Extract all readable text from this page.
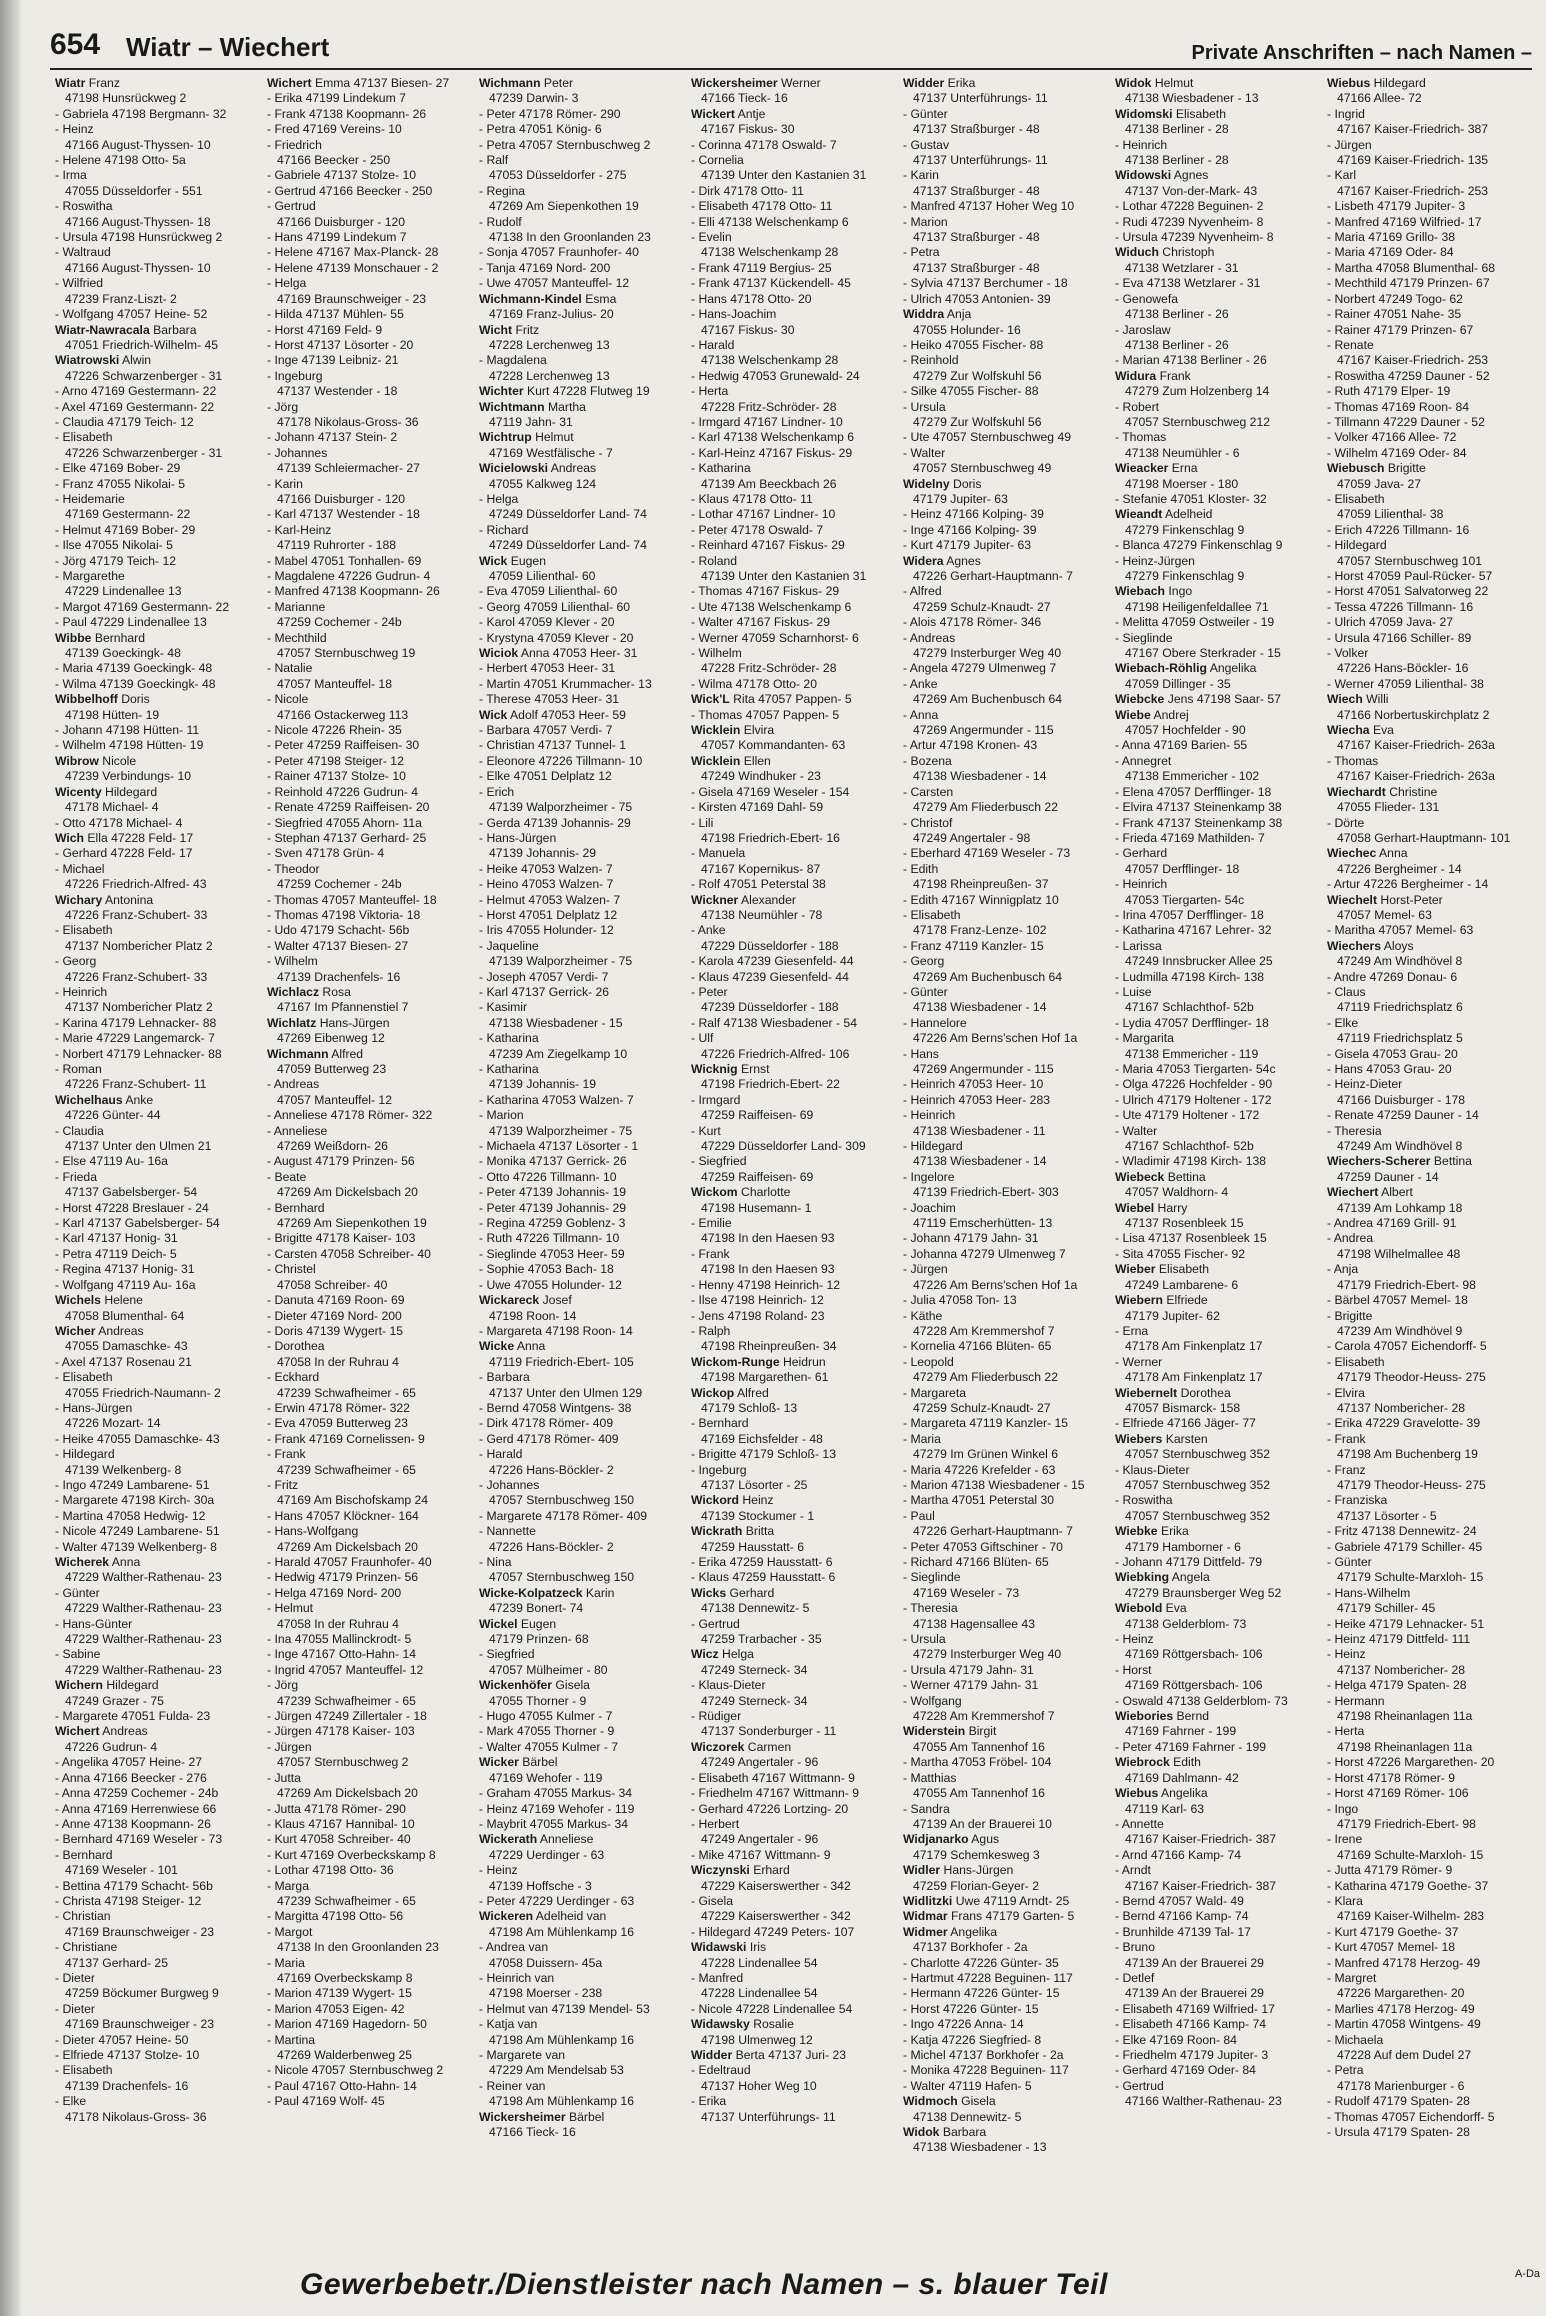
654 Wiatr – Wiechert	Private Anschriften – nach Namen –
Wiatr Franz
47198 Hunsrückweg 2
- Gabriela 47198 Bergmann- 32
- Heinz
47166 August-Thyssen- 10
- Helene 47198 Otto- 5a
- Irma
47055 Düsseldorfer - 551
- Roswitha
47166 August-Thyssen- 18
- Ursula 47198 Hunsrückweg 2
- Waltraud
47166 August-Thyssen- 10
- Wilfried
47239 Franz-Liszt- 2
- Wolfgang 47057 Heine- 52
Wiatr-Nawracala Barbara
47051 Friedrich-Wilhelm- 45
Wiatrowski Alwin
47226 Schwarzenberger - 31
- Arno 47169 Gestermann- 22
- Axel 47169 Gestermann- 22
- Claudia 47179 Teich- 12
- Elisabeth
47226 Schwarzenberger - 31
- Elke 47169 Bober- 29
- Franz 47055 Nikolai- 5
- Heidemarie
47169 Gestermann- 22
- Helmut 47169 Bober- 29
- Ilse 47055 Nikolai- 5
- Jörg 47179 Teich- 12
- Margarethe
47229 Lindenallee 13
- Margot 47169 Gestermann- 22
- Paul 47229 Lindenallee 13
Wibbe Bernhard
47139 Goeckingk- 48
- Maria 47139 Goeckingk- 48
- Wilma 47139 Goeckingk- 48
Wibbelhoff Doris
47198 Hütten- 19
- Johann 47198 Hütten- 11
- Wilhelm 47198 Hütten- 19
Wibrow Nicole
47239 Verbindungs- 10
Wicenty Hildegard
47178 Michael- 4
- Otto 47178 Michael- 4
Wich Ella 47228 Feld- 17
- Gerhard 47228 Feld- 17
- Michael
47226 Friedrich-Alfred- 43
Wichary Antonina
47226 Franz-Schubert- 33
- Elisabeth
47137 Nombericher Platz 2
- Georg
47226 Franz-Schubert- 33
- Heinrich
47137 Nombericher Platz 2
- Karina 47179 Lehnacker- 88
- Marie 47229 Langemarck- 7
- Norbert 47179 Lehnacker- 88
- Roman
47226 Franz-Schubert- 11
Wichelhaus Anke
47226 Günter- 44
- Claudia
47137 Unter den Ulmen 21
- Else 47119 Au- 16a
- Frieda
47137 Gabelsberger- 54
- Horst 47228 Breslauer - 24
- Karl 47137 Gabelsberger- 54
- Karl 47137 Honig- 31
- Petra 47119 Deich- 5
- Regina 47137 Honig- 31
- Wolfgang 47119 Au- 16a
Wichels Helene
47058 Blumenthal- 64
Wicher Andreas
47055 Damaschke- 43
- Axel 47137 Rosenau 21
- Elisabeth
47055 Friedrich-Naumann- 2
- Hans-Jürgen
47226 Mozart- 14
- Heike 47055 Damaschke- 43
- Hildegard
47139 Welkenberg- 8
- Ingo 47249 Lambarene- 51
- Margarete 47198 Kirch- 30a
- Martina 47058 Hedwig- 12
- Nicole 47249 Lambarene- 51
- Walter 47139 Welkenberg- 8
Wicherek Anna
47229 Walther-Rathenau- 23
- Günter
47229 Walther-Rathenau- 23
- Hans-Günter
47229 Walther-Rathenau- 23
- Sabine
47229 Walther-Rathenau- 23
Wichern Hildegard
47249 Grazer - 75
- Margarete 47051 Fulda- 23
Wichert Andreas
47226 Gudrun- 4
- Angelika 47057 Heine- 27
- Anna 47166 Beecker - 276
- Anna 47259 Cochemer - 24b
- Anna 47169 Herrenwiese 66
- Anne 47138 Koopmann- 26
- Bernhard 47169 Weseler - 73
- Bernhard
47169 Weseler - 101
- Bettina 47179 Schacht- 56b
- Christa 47198 Steiger- 12
- Christian
47169 Braunschweiger - 23
- Christiane
47137 Gerhard- 25
- Dieter
47259 Böckumer Burgweg 9
- Dieter
47169 Braunschweiger - 23
- Dieter 47057 Heine- 50
- Elfriede 47137 Stolze- 10
- Elisabeth
47139 Drachenfels- 16
- Elke
47178 Nikolaus-Gross- 36
Wichert Emma 47137 Biesen- 27
- Erika 47199 Lindekum 7
- Frank 47138 Koopmann- 26
- Fred 47169 Vereins- 10
- Friedrich
47166 Beecker - 250
- Gabriele 47137 Stolze- 10
- Gertrud 47166 Beecker - 250
- Gertrud
47166 Duisburger - 120
- Hans 47199 Lindekum 7
- Helene 47167 Max-Planck- 28
- Helene 47139 Monschauer - 2
- Helga
47169 Braunschweiger - 23
- Hilda 47137 Mühlen- 55
- Horst 47169 Feld- 9
- Horst 47137 Lösorter - 20
- Inge 47139 Leibniz- 21
- Ingeburg
47137 Westender - 18
- Jörg
47178 Nikolaus-Gross- 36
- Johann 47137 Stein- 2
- Johannes
47139 Schleiermacher- 27
- Karin
47166 Duisburger - 120
- Karl 47137 Westender - 18
- Karl-Heinz
47119 Ruhrorter - 188
- Mabel 47051 Tonhallen- 69
- Magdalene 47226 Gudrun- 4
- Manfred 47138 Koopmann- 26
- Marianne
47259 Cochemer - 24b
- Mechthild
47057 Sternbuschweg 19
- Natalie
47057 Manteuffel- 18
- Nicole
47166 Ostackerweg 113
- Nicole 47226 Rhein- 35
- Peter 47259 Raiffeisen- 30
- Peter 47198 Steiger- 12
- Rainer 47137 Stolze- 10
- Reinhold 47226 Gudrun- 4
- Renate 47259 Raiffeisen- 20
- Siegfried 47055 Ahorn- 11a
- Stephan 47137 Gerhard- 25
- Sven 47178 Grün- 4
- Theodor
47259 Cochemer - 24b
- Thomas 47057 Manteuffel- 18
- Thomas 47198 Viktoria- 18
- Udo 47179 Schacht- 56b
- Walter 47137 Biesen- 27
- Wilhelm
47139 Drachenfels- 16
Wichlacz Rosa
47167 Im Pfannenstiel 7
Wichlatz Hans-Jürgen
47269 Eibenweg 12
Wichmann Alfred
47059 Butterweg 23
- Andreas
47057 Manteuffel- 12
- Anneliese 47178 Römer- 322
- Anneliese
47269 Weißdorn- 26
- August 47179 Prinzen- 56
- Beate
47269 Am Dickelsbach 20
- Bernhard
47269 Am Siepenkothen 19
- Brigitte 47178 Kaiser- 103
- Carsten 47058 Schreiber- 40
- Christel
47058 Schreiber- 40
- Danuta 47169 Roon- 69
- Dieter 47169 Nord- 200
- Doris 47139 Wygert- 15
- Dorothea
47058 In der Ruhrau 4
- Eckhard
47239 Schwafheimer - 65
- Erwin 47178 Römer- 322
- Eva 47059 Butterweg 23
- Frank 47169 Cornelissen- 9
- Frank
47239 Schwafheimer - 65
- Fritz
47169 Am Bischofskamp 24
- Hans 47057 Klöckner- 164
- Hans-Wolfgang
47269 Am Dickelsbach 20
- Harald 47057 Fraunhofer- 40
- Hedwig 47179 Prinzen- 56
- Helga 47169 Nord- 200
- Helmut
47058 In der Ruhrau 4
- Ina 47055 Mallinckrodt- 5
- Inge 47167 Otto-Hahn- 14
- Ingrid 47057 Manteuffel- 12
- Jörg
47239 Schwafheimer - 65
- Jürgen 47249 Zillertaler - 18
- Jürgen 47178 Kaiser- 103
- Jürgen
47057 Sternbuschweg 2
- Jutta
47269 Am Dickelsbach 20
- Jutta 47178 Römer- 290
- Klaus 47167 Hannibal- 10
- Kurt 47058 Schreiber- 40
- Kurt 47169 Overbeckskamp 8
- Lothar 47198 Otto- 36
- Marga
47239 Schwafheimer - 65
- Margitta 47198 Otto- 56
- Margot
47138 In den Groonlanden 23
- Maria
47169 Overbeckskamp 8
- Marion 47139 Wygert- 15
- Marion 47053 Eigen- 42
- Marion 47169 Hagedorn- 50
- Martina
47269 Walderbenweg 25
- Nicole 47057 Sternbuschweg 2
- Paul 47167 Otto-Hahn- 14
- Paul 47169 Wolf- 45
Wichmann Peter
47239 Darwin- 3
- Peter 47178 Römer- 290
- Petra 47051 König- 6
- Petra 47057 Sternbuschweg 2
- Ralf
47053 Düsseldorfer - 275
- Regina
47269 Am Siepenkothen 19
- Rudolf
47138 In den Groonlanden 23
- Sonja 47057 Fraunhofer- 40
- Tanja 47169 Nord- 200
- Uwe 47057 Manteuffel- 12
Wichmann-Kindel Esma
47169 Franz-Julius- 20
Wicht Fritz
47228 Lerchenweg 13
- Magdalena
47228 Lerchenweg 13
Wichter Kurt 47228 Flutweg 19
Wichtmann Martha
47119 Jahn- 31
Wichtrup Helmut
47169 Westfälische - 7
Wicielowski Andreas
47055 Kalkweg 124
- Helga
47249 Düsseldorfer Land- 74
- Richard
47249 Düsseldorfer Land- 74
Wick Eugen
47059 Lilienthal- 60
- Eva 47059 Lilienthal- 60
- Georg 47059 Lilienthal- 60
- Karol 47059 Klever - 20
- Krystyna 47059 Klever - 20
Wiciok Anna 47053 Heer- 31
- Herbert 47053 Heer- 31
- Martin 47051 Krummacher- 13
- Therese 47053 Heer- 31
Wick Adolf 47053 Heer- 59
- Barbara 47057 Verdi- 7
- Christian 47137 Tunnel- 1
- Eleonore 47226 Tillmann- 10
- Elke 47051 Delplatz 12
- Erich
47139 Walporzheimer - 75
- Gerda 47139 Johannis- 29
- Hans-Jürgen
47139 Johannis- 29
- Heike 47053 Walzen- 7
- Heino 47053 Walzen- 7
- Helmut 47053 Walzen- 7
- Horst 47051 Delplatz 12
- Iris 47055 Holunder- 12
- Jaqueline
47139 Walporzheimer - 75
- Joseph 47057 Verdi- 7
- Karl 47137 Gerrick- 26
- Kasimir
47138 Wiesbadener - 15
- Katharina
47239 Am Ziegelkamp 10
- Katharina
47139 Johannis- 19
- Katharina 47053 Walzen- 7
- Marion
47139 Walporzheimer - 75
- Michaela 47137 Lösorter - 1
- Monika 47137 Gerrick- 26
- Otto 47226 Tillmann- 10
- Peter 47139 Johannis- 19
- Peter 47139 Johannis- 29
- Regina 47259 Goblenz- 3
- Ruth 47226 Tillmann- 10
- Sieglinde 47053 Heer- 59
- Sophie 47053 Bach- 18
- Uwe 47055 Holunder- 12
Wickareck Josef
47198 Roon- 14
- Margareta 47198 Roon- 14
Wicke Anna
47119 Friedrich-Ebert- 105
- Barbara
47137 Unter den Ulmen 129
- Bernd 47058 Wintgens- 38
- Dirk 47178 Römer- 409
- Gerd 47178 Römer- 409
- Harald
47226 Hans-Böckler- 2
- Johannes
47057 Sternbuschweg 150
- Margarete 47178 Römer- 409
- Nannette
47226 Hans-Böckler- 2
- Nina
47057 Sternbuschweg 150
Wicke-Kolpatzeck Karin
47239 Bonert- 74
Wickel Eugen
47179 Prinzen- 68
- Siegfried
47057 Mülheimer - 80
Wickenhöfer Gisela
47055 Thorner - 9
- Hugo 47055 Kulmer - 7
- Mark 47055 Thorner - 9
- Walter 47055 Kulmer - 7
Wicker Bärbel
47169 Wehofer - 119
- Graham 47055 Markus- 34
- Heinz 47169 Wehofer - 119
- Maybrit 47055 Markus- 34
Wickerath Anneliese
47229 Uerdinger - 63
- Heinz
47139 Hoffsche - 3
- Peter 47229 Uerdinger - 63
Wickeren Adelheid van
47198 Am Mühlenkamp 16
- Andrea van
47058 Duissern- 45a
- Heinrich van
47198 Moerser - 238
- Helmut van 47139 Mendel- 53
- Katja van
47198 Am Mühlenkamp 16
- Margarete van
47229 Am Mendelsab 53
- Reiner van
47198 Am Mühlenkamp 16
Wickersheimer Bärbel
47166 Tieck- 16
Wickersheimer Werner
47166 Tieck- 16
Wickert Antje
47167 Fiskus- 30
- Corinna 47178 Oswald- 7
- Cornelia
47139 Unter den Kastanien 31
- Dirk 47178 Otto- 11
- Elisabeth 47178 Otto- 11
- Elli 47138 Welschenkamp 6
- Evelin
47138 Welschenkamp 28
- Frank 47119 Bergius- 25
- Frank 47137 Kückendell- 45
- Hans 47178 Otto- 20
- Hans-Joachim
47167 Fiskus- 30
- Harald
47138 Welschenkamp 28
- Hedwig 47053 Grunewald- 24
- Herta
47228 Fritz-Schröder- 28
- Irmgard 47167 Lindner- 10
- Karl 47138 Welschenkamp 6
- Karl-Heinz 47167 Fiskus- 29
- Katharina
47139 Am Beeckbach 26
- Klaus 47178 Otto- 11
- Lothar 47167 Lindner- 10
- Peter 47178 Oswald- 7
- Reinhard 47167 Fiskus- 29
- Roland
47139 Unter den Kastanien 31
- Thomas 47167 Fiskus- 29
- Ute 47138 Welschenkamp 6
- Walter 47167 Fiskus- 29
- Werner 47059 Scharnhorst- 6
- Wilhelm
47228 Fritz-Schröder- 28
- Wilma 47178 Otto- 20
Wick'L Rita 47057 Pappen- 5
- Thomas 47057 Pappen- 5
Wicklein Elvira
47057 Kommandanten- 63
Wicklein Ellen
47249 Windhuker - 23
- Gisela 47169 Weseler - 154
- Kirsten 47169 Dahl- 59
- Lili
47198 Friedrich-Ebert- 16
- Manuela
47167 Kopernikus- 87
- Rolf 47051 Peterstal 38
Wickner Alexander
47138 Neumühler - 78
- Anke
47229 Düsseldorfer - 188
- Karola 47239 Giesenfeld- 44
- Klaus 47239 Giesenfeld- 44
- Peter
47239 Düsseldorfer - 188
- Ralf 47138 Wiesbadener - 54
- Ulf
47226 Friedrich-Alfred- 106
Wicknig Ernst
47198 Friedrich-Ebert- 22
- Irmgard
47259 Raiffeisen- 69
- Kurt
47229 Düsseldorfer Land- 309
- Siegfried
47259 Raiffeisen- 69
Wickom Charlotte
47198 Husemann- 1
- Emilie
47198 In den Haesen 93
- Frank
47198 In den Haesen 93
- Henny 47198 Heinrich- 12
- Ilse 47198 Heinrich- 12
- Jens 47198 Roland- 23
- Ralph
47198 Rheinpreußen- 34
Wickom-Runge Heidrun
47198 Margarethen- 61
Wickop Alfred
47179 Schloß- 13
- Bernhard
47169 Eichsfelder - 48
- Brigitte 47179 Schloß- 13
- Ingeburg
47137 Lösorter - 25
Wickord Heinz
47139 Stockumer - 1
Wickrath Britta
47259 Hausstatt- 6
- Erika 47259 Hausstatt- 6
- Klaus 47259 Hausstatt- 6
Wicks Gerhard
47138 Dennewitz- 5
- Gertrud
47259 Trarbacher - 35
Wicz Helga
47249 Sterneck- 34
- Klaus-Dieter
47249 Sterneck- 34
- Rüdiger
47137 Sonderburger - 11
Wiczorek Carmen
47249 Angertaler - 96
- Elisabeth 47167 Wittmann- 9
- Friedhelm 47167 Wittmann- 9
- Gerhard 47226 Lortzing- 20
- Herbert
47249 Angertaler - 96
- Mike 47167 Wittmann- 9
Wiczynski Erhard
47229 Kaiserswerther - 342
- Gisela
47229 Kaiserswerther - 342
- Hildegard 47249 Peters- 107
Widawski Iris
47228 Lindenallee 54
- Manfred
47228 Lindenallee 54
- Nicole 47228 Lindenallee 54
Widawsky Rosalie
47198 Ulmenweg 12
Widder Berta 47137 Juri- 23
- Edeltraud
47137 Hoher Weg 10
- Erika
47137 Unterführungs- 11
Widder Erika
47137 Unterführungs- 11
- Günter
47137 Straßburger - 48
- Gustav
47137 Unterführungs- 11
- Karin
47137 Straßburger - 48
- Manfred 47137 Hoher Weg 10
- Marion
47137 Straßburger - 48
- Petra
47137 Straßburger - 48
- Sylvia 47137 Berchumer - 18
- Ulrich 47053 Antonien- 39
Widdra Anja
47055 Holunder- 16
- Heiko 47055 Fischer- 88
- Reinhold
47279 Zur Wolfskuhl 56
- Silke 47055 Fischer- 88
- Ursula
47279 Zur Wolfskuhl 56
- Ute 47057 Sternbuschweg 49
- Walter
47057 Sternbuschweg 49
Widelny Doris
47179 Jupiter- 63
- Heinz 47166 Kolping- 39
- Inge 47166 Kolping- 39
- Kurt 47179 Jupiter- 63
Widera Agnes
47226 Gerhart-Hauptmann- 7
- Alfred
47259 Schulz-Knaudt- 27
- Alois 47178 Römer- 346
- Andreas
47279 Insterburger Weg 40
- Angela 47279 Ulmenweg 7
- Anke
47269 Am Buchenbusch 64
- Anna
47269 Angermunder - 115
- Artur 47198 Kronen- 43
- Bozena
47138 Wiesbadener - 14
- Carsten
47279 Am Fliederbusch 22
- Christof
47249 Angertaler - 98
- Eberhard 47169 Weseler - 73
- Edith
47198 Rheinpreußen- 37
- Edith 47167 Winnigplatz 10
- Elisabeth
47178 Franz-Lenze- 102
- Franz 47119 Kanzler- 15
- Georg
47269 Am Buchenbusch 64
- Günter
47138 Wiesbadener - 14
- Hannelore
47226 Am Berns'schen Hof 1a
- Hans
47269 Angermunder - 115
- Heinrich 47053 Heer- 10
- Heinrich 47053 Heer- 283
- Heinrich
47138 Wiesbadener - 11
- Hildegard
47138 Wiesbadener - 14
- Ingelore
47139 Friedrich-Ebert- 303
- Joachim
47119 Emscherhütten- 13
- Johann 47179 Jahn- 31
- Johanna 47279 Ulmenweg 7
- Jürgen
47226 Am Berns'schen Hof 1a
- Julia 47058 Ton- 13
- Käthe
47228 Am Kremmershof 7
- Kornelia 47166 Blüten- 65
- Leopold
47279 Am Fliederbusch 22
- Margareta
47259 Schulz-Knaudt- 27
- Margareta 47119 Kanzler- 15
- Maria
47279 Im Grünen Winkel 6
- Maria 47226 Krefelder - 63
- Marion 47138 Wiesbadener - 15
- Martha 47051 Peterstal 30
- Paul
47226 Gerhart-Hauptmann- 7
- Peter 47053 Giftschiner - 70
- Richard 47166 Blüten- 65
- Sieglinde
47169 Weseler - 73
- Theresia
47138 Hagensallee 43
- Ursula
47279 Insterburger Weg 40
- Ursula 47179 Jahn- 31
- Werner 47179 Jahn- 31
- Wolfgang
47228 Am Kremmershof 7
Widerstein Birgit
47055 Am Tannenhof 16
- Martha 47053 Fröbel- 104
- Matthias
47055 Am Tannenhof 16
- Sandra
47139 An der Brauerei 10
Widjanarko Agus
47179 Schemkesweg 3
Widler Hans-Jürgen
47259 Florian-Geyer- 2
Widlitzki Uwe 47119 Arndt- 25
Widmar Frans 47179 Garten- 5
Widmer Angelika
47137 Borkhofer - 2a
- Charlotte 47226 Günter- 35
- Hartmut 47228 Beguinen- 117
- Hermann 47226 Günter- 15
- Horst 47226 Günter- 15
- Ingo 47226 Anna- 14
- Katja 47226 Siegfried- 8
- Michel 47137 Borkhofer - 2a
- Monika 47228 Beguinen- 117
- Walter 47119 Hafen- 5
Widmoch Gisela
47138 Dennewitz- 5
Widok Barbara
47138 Wiesbadener - 13
Widok Helmut
47138 Wiesbadener - 13
Widomski Elisabeth
47138 Berliner - 28
- Heinrich
47138 Berliner - 28
Widowski Agnes
47137 Von-der-Mark- 43
- Lothar 47228 Beguinen- 2
- Rudi 47239 Nyvenheim- 8
- Ursula 47239 Nyvenheim- 8
Widuch Christoph
47138 Wetzlarer - 31
- Eva 47138 Wetzlarer - 31
- Genowefa
47138 Berliner - 26
- Jaroslaw
47138 Berliner - 26
- Marian 47138 Berliner - 26
Widura Frank
47279 Zum Holzenberg 14
- Robert
47057 Sternbuschweg 212
- Thomas
47138 Neumühler - 6
Wieacker Erna
47198 Moerser - 180
- Stefanie 47051 Kloster- 32
Wieandt Adelheid
47279 Finkenschlag 9
- Blanca 47279 Finkenschlag 9
- Heinz-Jürgen
47279 Finkenschlag 9
Wiebach Ingo
47198 Heiligenfeldallee 71
- Melitta 47059 Ostweiler - 19
- Sieglinde
47167 Obere Sterkrader - 15
Wiebach-Röhlig Angelika
47059 Dillinger - 35
Wiebcke Jens 47198 Saar- 57
Wiebe Andrej
47057 Hochfelder - 90
- Anna 47169 Barien- 55
- Annegret
47138 Emmericher - 102
- Elena 47057 Derfflinger- 18
- Elvira 47137 Steinenkamp 38
- Frank 47137 Steinenkamp 38
- Frieda 47169 Mathilden- 7
- Gerhard
47057 Derfflinger- 18
- Heinrich
47053 Tiergarten- 54c
- Irina 47057 Derfflinger- 18
- Katharina 47167 Lehrer- 32
- Larissa
47249 Innsbrucker Allee 25
- Ludmilla 47198 Kirch- 138
- Luise
47167 Schlachthof- 52b
- Lydia 47057 Derfflinger- 18
- Margarita
47138 Emmericher - 119
- Maria 47053 Tiergarten- 54c
- Olga 47226 Hochfelder - 90
- Ulrich 47179 Holtener - 172
- Ute 47179 Holtener - 172
- Walter
47167 Schlachthof- 52b
- Wladimir 47198 Kirch- 138
Wiebeck Bettina
47057 Waldhorn- 4
Wiebel Harry
47137 Rosenbleek 15
- Lisa 47137 Rosenbleek 15
- Sita 47055 Fischer- 92
Wieber Elisabeth
47249 Lambarene- 6
Wiebern Elfriede
47179 Jupiter- 62
- Erna
47178 Am Finkenplatz 17
- Werner
47178 Am Finkenplatz 17
Wiebernelt Dorothea
47057 Bismarck- 158
- Elfriede 47166 Jäger- 77
Wiebers Karsten
47057 Sternbuschweg 352
- Klaus-Dieter
47057 Sternbuschweg 352
- Roswitha
47057 Sternbuschweg 352
Wiebke Erika
47179 Hamborner - 6
- Johann 47179 Dittfeld- 79
Wiebking Angela
47279 Braunsberger Weg 52
Wiebold Eva
47138 Gelderblom- 73
- Heinz
47169 Röttgersbach- 106
- Horst
47169 Röttgersbach- 106
- Oswald 47138 Gelderblom- 73
Wiebories Bernd
47169 Fahrner - 199
- Peter 47169 Fahrner - 199
Wiebrock Edith
47169 Dahlmann- 42
Wiebus Angelika
47119 Karl- 63
- Annette
47167 Kaiser-Friedrich- 387
- Arnd 47166 Kamp- 74
- Arndt
47167 Kaiser-Friedrich- 387
- Bernd 47057 Wald- 49
- Bernd 47166 Kamp- 74
- Brunhilde 47139 Tal- 17
- Bruno
47139 An der Brauerei 29
- Detlef
47139 An der Brauerei 29
- Elisabeth 47169 Wilfried- 17
- Elisabeth 47166 Kamp- 74
- Elke 47169 Roon- 84
- Friedhelm 47179 Jupiter- 3
- Gerhard 47169 Oder- 84
- Gertrud
47166 Walther-Rathenau- 23
Wiebus Hildegard
47166 Allee- 72
- Ingrid
47167 Kaiser-Friedrich- 387
- Jürgen
47169 Kaiser-Friedrich- 135
- Karl
47167 Kaiser-Friedrich- 253
- Lisbeth 47179 Jupiter- 3
- Manfred 47169 Wilfried- 17
- Maria 47169 Grillo- 38
- Maria 47169 Oder- 84
- Martha 47058 Blumenthal- 68
- Mechthild 47179 Prinzen- 67
- Norbert 47249 Togo- 62
- Rainer 47051 Nahe- 35
- Rainer 47179 Prinzen- 67
- Renate
47167 Kaiser-Friedrich- 253
- Roswitha 47259 Dauner - 52
- Ruth 47179 Elper- 19
- Thomas 47169 Roon- 84
- Tillmann 47229 Dauner - 52
- Volker 47166 Allee- 72
- Wilhelm 47169 Oder- 84
Wiebusch Brigitte
47059 Java- 27
- Elisabeth
47059 Lilienthal- 38
- Erich 47226 Tillmann- 16
- Hildegard
47057 Sternbuschweg 101
- Horst 47059 Paul-Rücker- 57
- Horst 47051 Salvatorweg 22
- Tessa 47226 Tillmann- 16
- Ulrich 47059 Java- 27
- Ursula 47166 Schiller- 89
- Volker
47226 Hans-Böckler- 16
- Werner 47059 Lilienthal- 38
Wiech Willi
47166 Norbertuskirchplatz 2
Wiecha Eva
47167 Kaiser-Friedrich- 263a
- Thomas
47167 Kaiser-Friedrich- 263a
Wiechardt Christine
47055 Flieder- 131
- Dörte
47058 Gerhart-Hauptmann- 101
Wiechec Anna
47226 Bergheimer - 14
- Artur 47226 Bergheimer - 14
Wiechelt Horst-Peter
47057 Memel- 63
- Maritha 47057 Memel- 63
Wiechers Aloys
47249 Am Windhövel 8
- Andre 47269 Donau- 6
- Claus
47119 Friedrichsplatz 6
- Elke
47119 Friedrichsplatz 5
- Gisela 47053 Grau- 20
- Hans 47053 Grau- 20
- Heinz-Dieter
47166 Duisburger - 178
- Renate 47259 Dauner - 14
- Theresia
47249 Am Windhövel 8
Wiechers-Scherer Bettina
47259 Dauner - 14
Wiechert Albert
47139 Am Lohkamp 18
- Andrea 47169 Grill- 91
- Andrea
47198 Wilhelmallee 48
- Anja
47179 Friedrich-Ebert- 98
- Bärbel 47057 Memel- 18
- Brigitte
47239 Am Windhövel 9
- Carola 47057 Eichendorff- 5
- Elisabeth
47179 Theodor-Heuss- 275
- Elvira
47137 Nombericher- 28
- Erika 47229 Gravelotte- 39
- Frank
47198 Am Buchenberg 19
- Franz
47179 Theodor-Heuss- 275
- Franziska
47137 Lösorter - 5
- Fritz 47138 Dennewitz- 24
- Gabriele 47179 Schiller- 45
- Günter
47179 Schulte-Marxloh- 15
- Hans-Wilhelm
47179 Schiller- 45
- Heike 47179 Lehnacker- 51
- Heinz 47179 Dittfeld- 111
- Heinz
47137 Nombericher- 28
- Helga 47179 Spaten- 28
- Hermann
47198 Rheinanlagen 11a
- Herta
47198 Rheinanlagen 11a
- Horst 47226 Margarethen- 20
- Horst 47178 Römer- 9
- Horst 47169 Römer- 106
- Ingo
47179 Friedrich-Ebert- 98
- Irene
47169 Schulte-Marxloh- 15
- Jutta 47179 Römer- 9
- Katharina 47179 Goethe- 37
- Klara
47169 Kaiser-Wilhelm- 283
- Kurt 47179 Goethe- 37
- Kurt 47057 Memel- 18
- Manfred 47178 Herzog- 49
- Margret
47226 Margarethen- 20
- Marlies 47178 Herzog- 49
- Martin 47058 Wintgens- 49
- Michaela
47228 Auf dem Dudel 27
- Petra
47178 Marienburger - 6
- Rudolf 47179 Spaten- 28
- Thomas 47057 Eichendorff- 5
- Ursula 47179 Spaten- 28
Gewerbebetr./Dienstleister nach Namen – s. blauer Teil	A-Da
